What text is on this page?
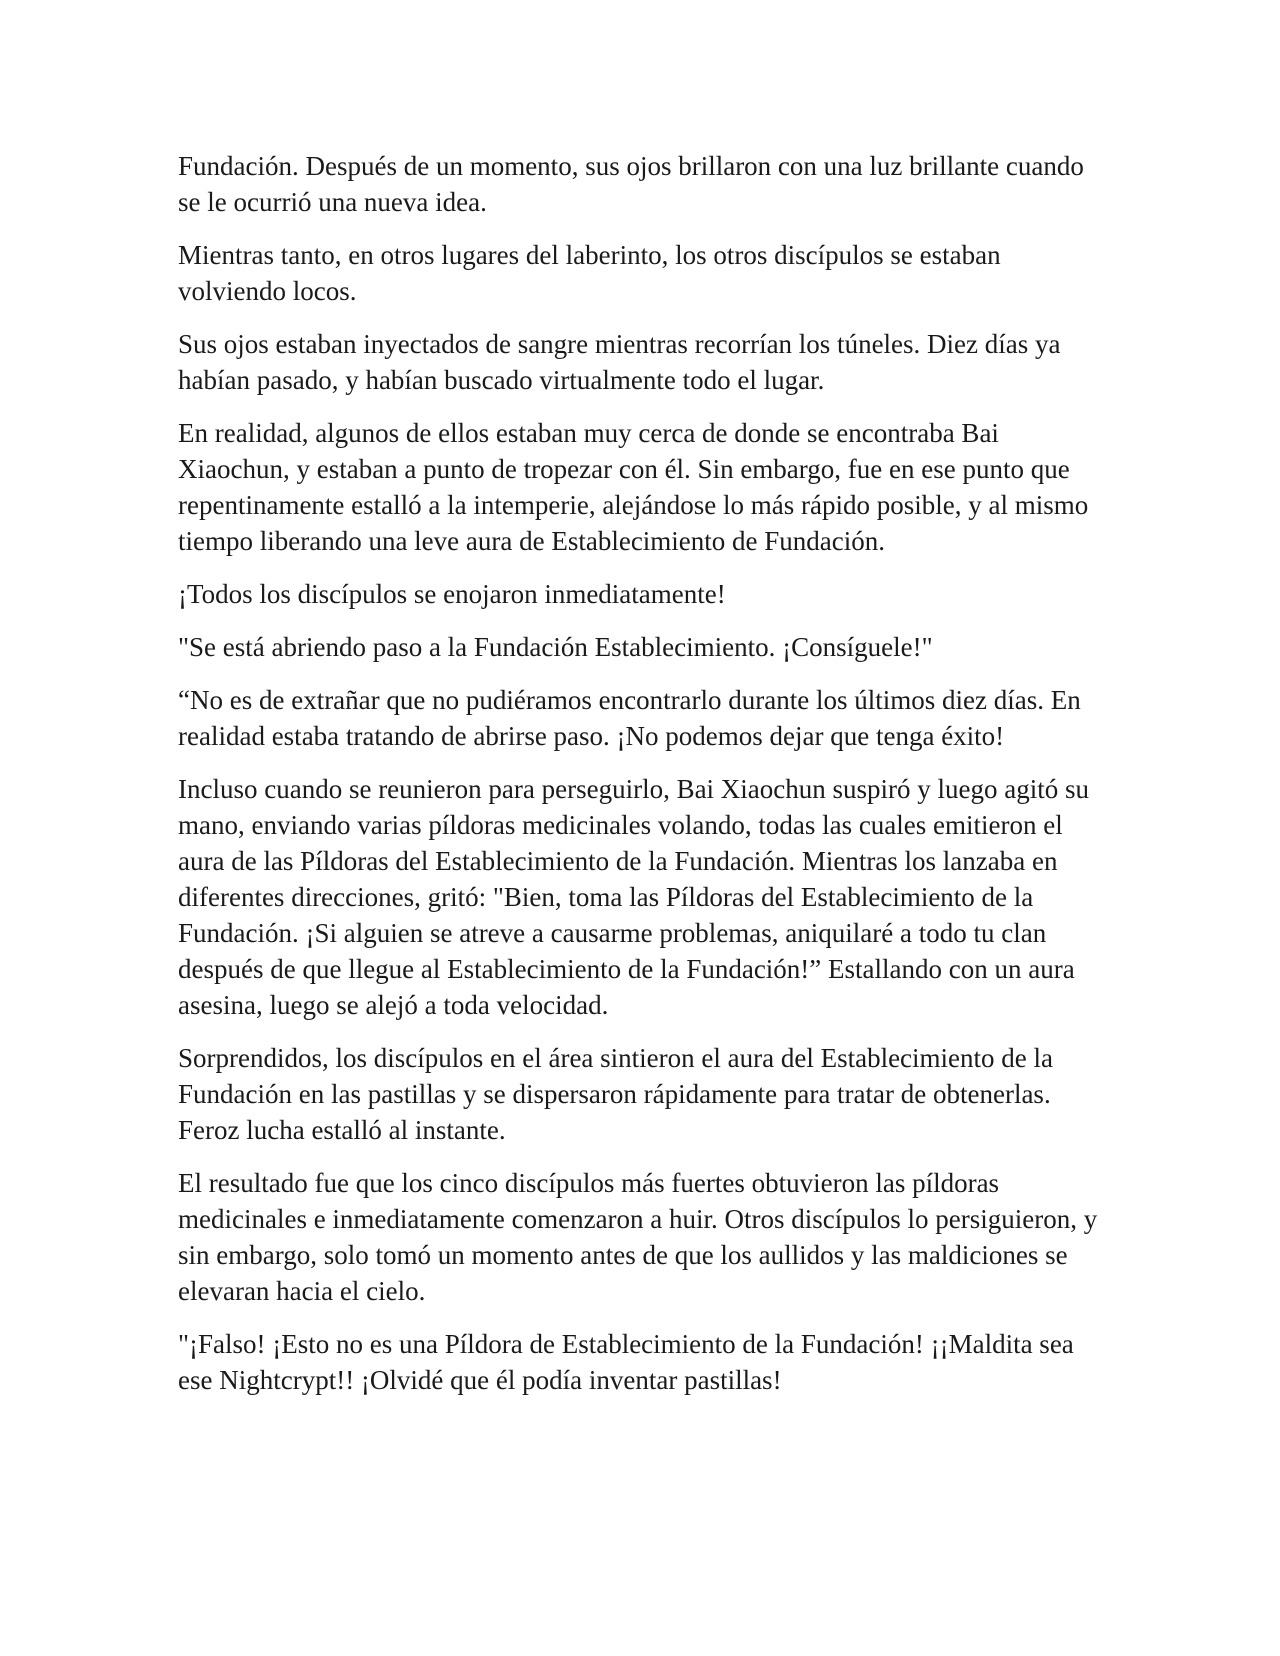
Fundación. Después de un momento, sus ojos brillaron con una luz brillante cuando se le ocurrió una nueva idea.

Mientras tanto, en otros lugares del laberinto, los otros discípulos se estaban volviendo locos.

Sus ojos estaban inyectados de sangre mientras recorrían los túneles. Diez días ya habían pasado, y habían buscado virtualmente todo el lugar.

En realidad, algunos de ellos estaban muy cerca de donde se encontraba Bai Xiaochun, y estaban a punto de tropezar con él. Sin embargo, fue en ese punto que repentinamente estalló a la intemperie, alejándose lo más rápido posible, y al mismo tiempo liberando una leve aura de Establecimiento de Fundación.

¡Todos los discípulos se enojaron inmediatamente!

"Se está abriendo paso a la Fundación Establecimiento. ¡Consíguele!"

“No es de extrañar que no pudiéramos encontrarlo durante los últimos diez días. En realidad estaba tratando de abrirse paso. ¡No podemos dejar que tenga éxito!

Incluso cuando se reunieron para perseguirlo, Bai Xiaochun suspiró y luego agitó su mano, enviando varias píldoras medicinales volando, todas las cuales emitieron el aura de las Píldoras del Establecimiento de la Fundación. Mientras los lanzaba en diferentes direcciones, gritó: "Bien, toma las Píldoras del Establecimiento de la Fundación. ¡Si alguien se atreve a causarme problemas, aniquilaré a todo tu clan después de que llegue al Establecimiento de la Fundación!” Estallando con un aura asesina, luego se alejó a toda velocidad.

Sorprendidos, los discípulos en el área sintieron el aura del Establecimiento de la Fundación en las pastillas y se dispersaron rápidamente para tratar de obtenerlas. Feroz lucha estalló al instante.

El resultado fue que los cinco discípulos más fuertes obtuvieron las píldoras medicinales e inmediatamente comenzaron a huir. Otros discípulos lo persiguieron, y sin embargo, solo tomó un momento antes de que los aullidos y las maldiciones se elevaran hacia el cielo.

"¡Falso! ¡Esto no es una Píldora de Establecimiento de la Fundación! ¡¡Maldita sea ese Nightcrypt!! ¡Olvidé que él podía inventar pastillas!
